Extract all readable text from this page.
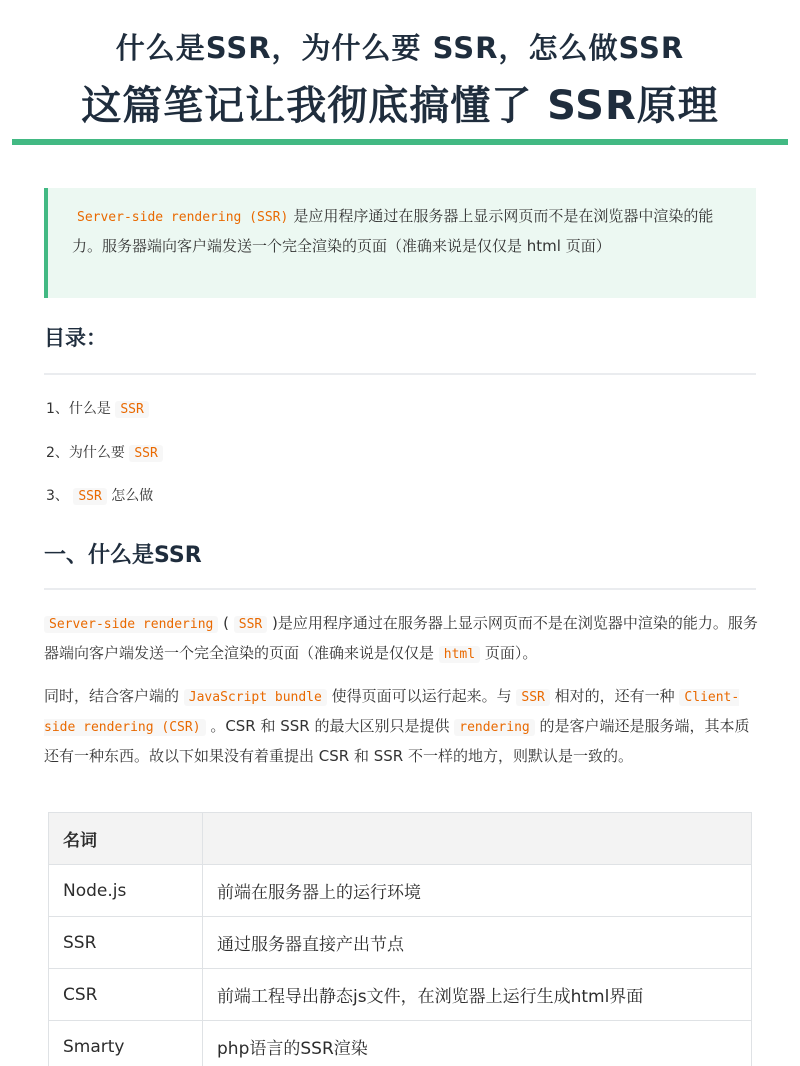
什么是SSR，为什么要 SSR，怎么做SSR
这篇笔记让我彻底搞懂了 SSR原理
Server-side rendering (SSR) 是应用程序通过在服务器上显示网页而不是在浏览器中渲染的能力。服务器端向客户端发送一个完全渲染的页面（准确来说是仅仅是 html 页面）
目录：
1、什么是 SSR
2、为什么要 SSR
3、 SSR 怎么做
一、什么是SSR
Server-side rendering ( SSR )是应用程序通过在服务器上显示网页而不是在浏览器中渲染的能力。服务器端向客户端发送一个完全渲染的页面（准确来说是仅仅是 html 页面）。
同时，结合客户端的 JavaScript bundle 使得页面可以运行起来。与 SSR 相对的，还有一种 Client-side rendering (CSR) 。CSR 和 SSR 的最大区别只是提供 rendering 的是客户端还是服务端，其本质还有一种东西。故以下如果没有着重提出 CSR 和 SSR 不一样的地方，则默认是一致的。
名词	
Node.js	前端在服务器上的运行环境
SSR	通过服务器直接产出节点
CSR	前端工程导出静态js文件，在浏览器上运行生成html界面
Smarty	php语言的SSR渲染
